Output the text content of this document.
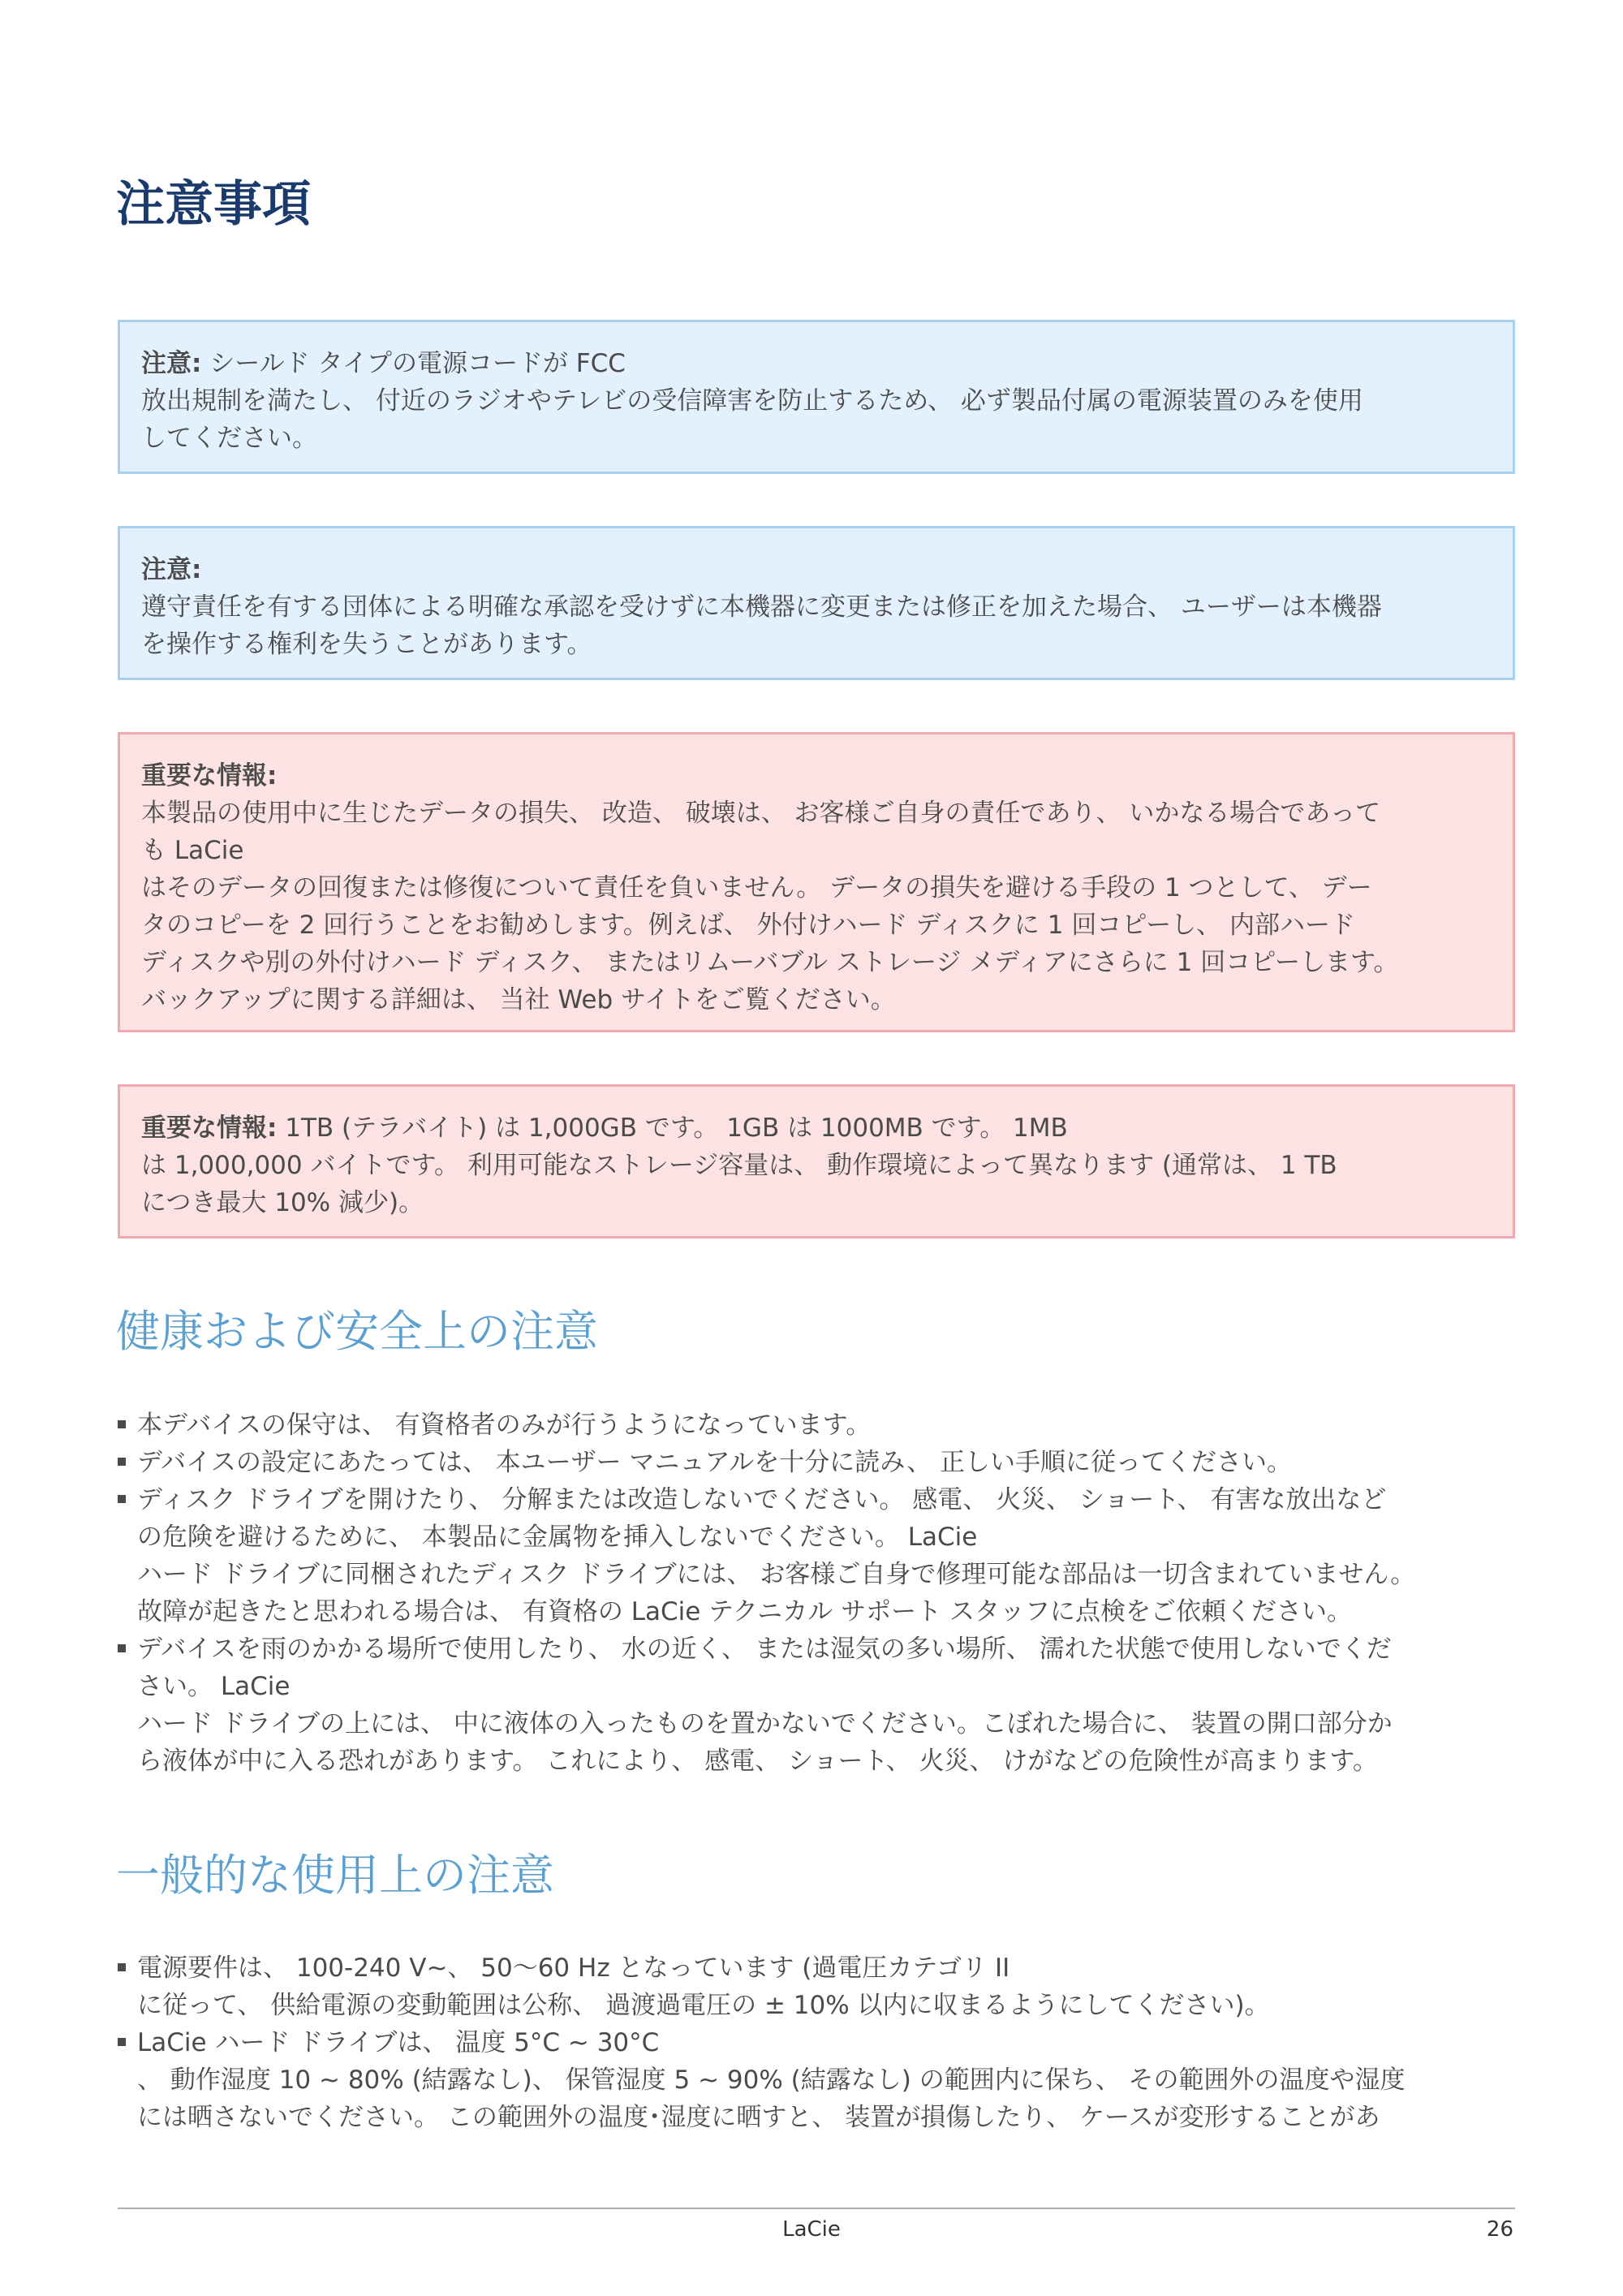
注意事項
注意: シールド タイプの電源コードが FCC
放出規制を満たし、 付近のラジオやテレビの受信障害を防止するため、 必ず製品付属の電源装置のみを使用
してください。
注意:
遵守責任を有する団体による明確な承認を受けずに本機器に変更または修正を加えた場合、 ユーザーは本機器
を操作する権利を失うことがあります。
重要な情報:
本製品の使用中に生じたデータの損失、 改造、 破壊は、 お客様ご自身の責任であり、 いかなる場合であって
も LaCie
はそのデータの回復または修復について責任を負いません。 データの損失を避ける手段の 1 つとして、 デー
タのコピーを 2 回行うことをお勧めします。例えば、 外付けハード ディスクに 1 回コピーし、 内部ハード
ディスクや別の外付けハード ディスク、 またはリムーバブル ストレージ メディアにさらに 1 回コピーします。
バックアップに関する詳細は、 当社 Web サイトをご覧ください。
重要な情報: 1TB (テラバイト) は 1,000GB です。 1GB は 1000MB です。 1MB
は 1,000,000 バイトです。 利用可能なストレージ容量は、 動作環境によって異なります (通常は、 1 TB
につき最大 10% 減少)。
健康および安全上の注意
本デバイスの保守は、 有資格者のみが行うようになっています。
デバイスの設定にあたっては、 本ユーザー マニュアルを十分に読み、 正しい手順に従ってください。
ディスク ドライブを開けたり、 分解または改造しないでください。 感電、 火災、 ショート、 有害な放出など
の危険を避けるために、 本製品に金属物を挿入しないでください。 LaCie
ハード ドライブに同梱されたディスク ドライブには、 お客様ご自身で修理可能な部品は一切含まれていません。
故障が起きたと思われる場合は、 有資格の LaCie テクニカル サポート スタッフに点検をご依頼ください。
デバイスを雨のかかる場所で使用したり、 水の近く、 または湿気の多い場所、 濡れた状態で使用しないでくだ
さい。 LaCie
ハード ドライブの上には、 中に液体の入ったものを置かないでください。こぼれた場合に、 装置の開口部分か
ら液体が中に入る恐れがあります。 これにより、 感電、 ショート、 火災、 けがなどの危険性が高まります。
一般的な使用上の注意
電源要件は、 100-240 V~、 50～60 Hz となっています (過電圧カテゴリ II
に従って、 供給電源の変動範囲は公称、 過渡過電圧の ± 10% 以内に収まるようにしてください)。
LaCie ハード ドライブは、 温度 5°C ~ 30°C
、 動作湿度 10 ~ 80% (結露なし)、 保管湿度 5 ~ 90% (結露なし) の範囲内に保ち、 その範囲外の温度や湿度
には晒さないでください。 この範囲外の温度･湿度に晒すと、 装置が損傷したり、 ケースが変形することがあ
LaCie	26
